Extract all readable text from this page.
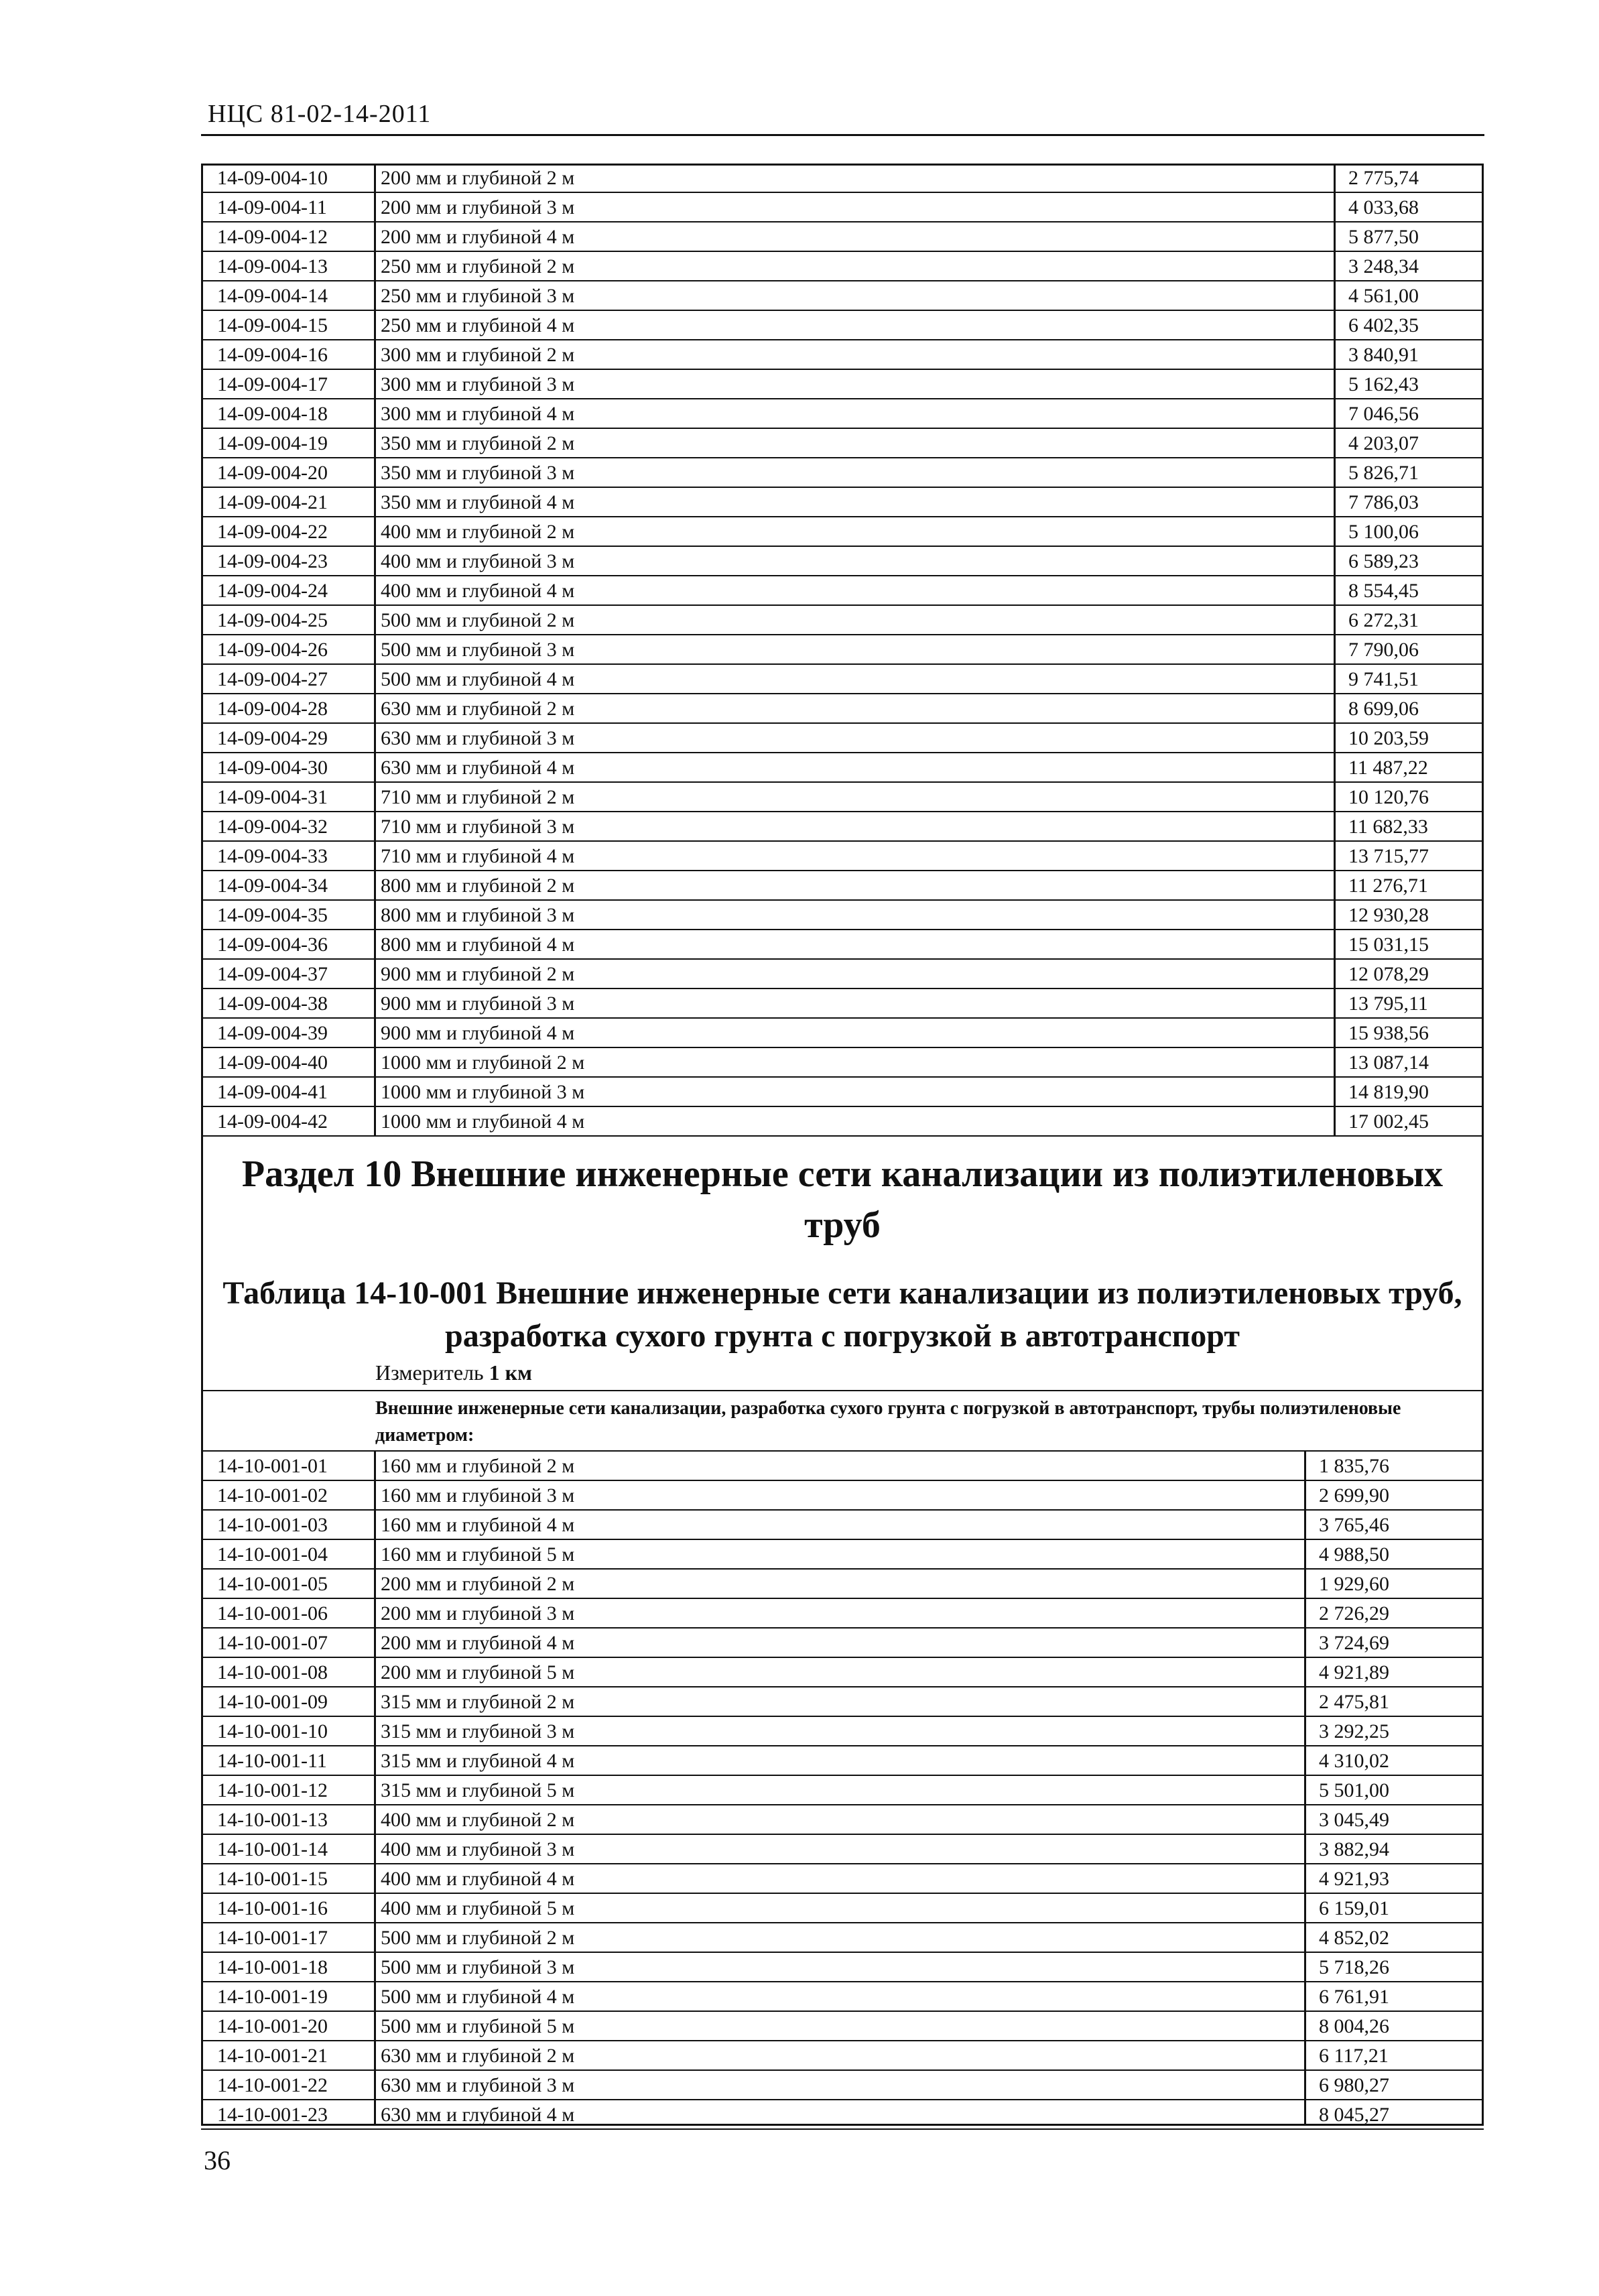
НЦС 81-02-14-2011
14-09-004-10	200 мм и глубиной 2 м	2 775,74
14-09-004-11	200 мм и глубиной 3 м	4 033,68
14-09-004-12	200 мм и глубиной 4 м	5 877,50
14-09-004-13	250 мм и глубиной 2 м	3 248,34
14-09-004-14	250 мм и глубиной 3 м	4 561,00
14-09-004-15	250 мм и глубиной 4 м	6 402,35
14-09-004-16	300 мм и глубиной 2 м	3 840,91
14-09-004-17	300 мм и глубиной 3 м	5 162,43
14-09-004-18	300 мм и глубиной 4 м	7 046,56
14-09-004-19	350 мм и глубиной 2 м	4 203,07
14-09-004-20	350 мм и глубиной 3 м	5 826,71
14-09-004-21	350 мм и глубиной 4 м	7 786,03
14-09-004-22	400 мм и глубиной 2 м	5 100,06
14-09-004-23	400 мм и глубиной 3 м	6 589,23
14-09-004-24	400 мм и глубиной 4 м	8 554,45
14-09-004-25	500 мм и глубиной 2 м	6 272,31
14-09-004-26	500 мм и глубиной 3 м	7 790,06
14-09-004-27	500 мм и глубиной 4 м	9 741,51
14-09-004-28	630 мм и глубиной 2 м	8 699,06
14-09-004-29	630 мм и глубиной 3 м	10 203,59
14-09-004-30	630 мм и глубиной 4 м	11 487,22
14-09-004-31	710 мм и глубиной 2 м	10 120,76
14-09-004-32	710 мм и глубиной 3 м	11 682,33
14-09-004-33	710 мм и глубиной 4 м	13 715,77
14-09-004-34	800 мм и глубиной 2 м	11 276,71
14-09-004-35	800 мм и глубиной 3 м	12 930,28
14-09-004-36	800 мм и глубиной 4 м	15 031,15
14-09-004-37	900 мм и глубиной 2 м	12 078,29
14-09-004-38	900 мм и глубиной 3 м	13 795,11
14-09-004-39	900 мм и глубиной 4 м	15 938,56
14-09-004-40	1000 мм и глубиной 2 м	13 087,14
14-09-004-41	1000 мм и глубиной 3 м	14 819,90
14-09-004-42	1000 мм и глубиной 4 м	17 002,45
Раздел 10 Внешние инженерные сети канализации из полиэтиленовых труб
Таблица 14-10-001 Внешние инженерные сети канализации из полиэтиленовых труб, разработка сухого грунта с погрузкой в автотранспорт
Измеритель 1 км
Внешние инженерные сети канализации, разработка сухого грунта с погрузкой в автотранспорт, трубы полиэтиленовые диаметром:
14-10-001-01	160 мм и глубиной 2 м	1 835,76
14-10-001-02	160 мм и глубиной 3 м	2 699,90
14-10-001-03	160 мм и глубиной 4 м	3 765,46
14-10-001-04	160 мм и глубиной 5 м	4 988,50
14-10-001-05	200 мм и глубиной 2 м	1 929,60
14-10-001-06	200 мм и глубиной 3 м	2 726,29
14-10-001-07	200 мм и глубиной 4 м	3 724,69
14-10-001-08	200 мм и глубиной 5 м	4 921,89
14-10-001-09	315 мм и глубиной 2 м	2 475,81
14-10-001-10	315 мм и глубиной 3 м	3 292,25
14-10-001-11	315 мм и глубиной 4 м	4 310,02
14-10-001-12	315 мм и глубиной 5 м	5 501,00
14-10-001-13	400 мм и глубиной 2 м	3 045,49
14-10-001-14	400 мм и глубиной 3 м	3 882,94
14-10-001-15	400 мм и глубиной 4 м	4 921,93
14-10-001-16	400 мм и глубиной 5 м	6 159,01
14-10-001-17	500 мм и глубиной 2 м	4 852,02
14-10-001-18	500 мм и глубиной 3 м	5 718,26
14-10-001-19	500 мм и глубиной 4 м	6 761,91
14-10-001-20	500 мм и глубиной 5 м	8 004,26
14-10-001-21	630 мм и глубиной 2 м	6 117,21
14-10-001-22	630 мм и глубиной 3 м	6 980,27
14-10-001-23	630 мм и глубиной 4 м	8 045,27
36
